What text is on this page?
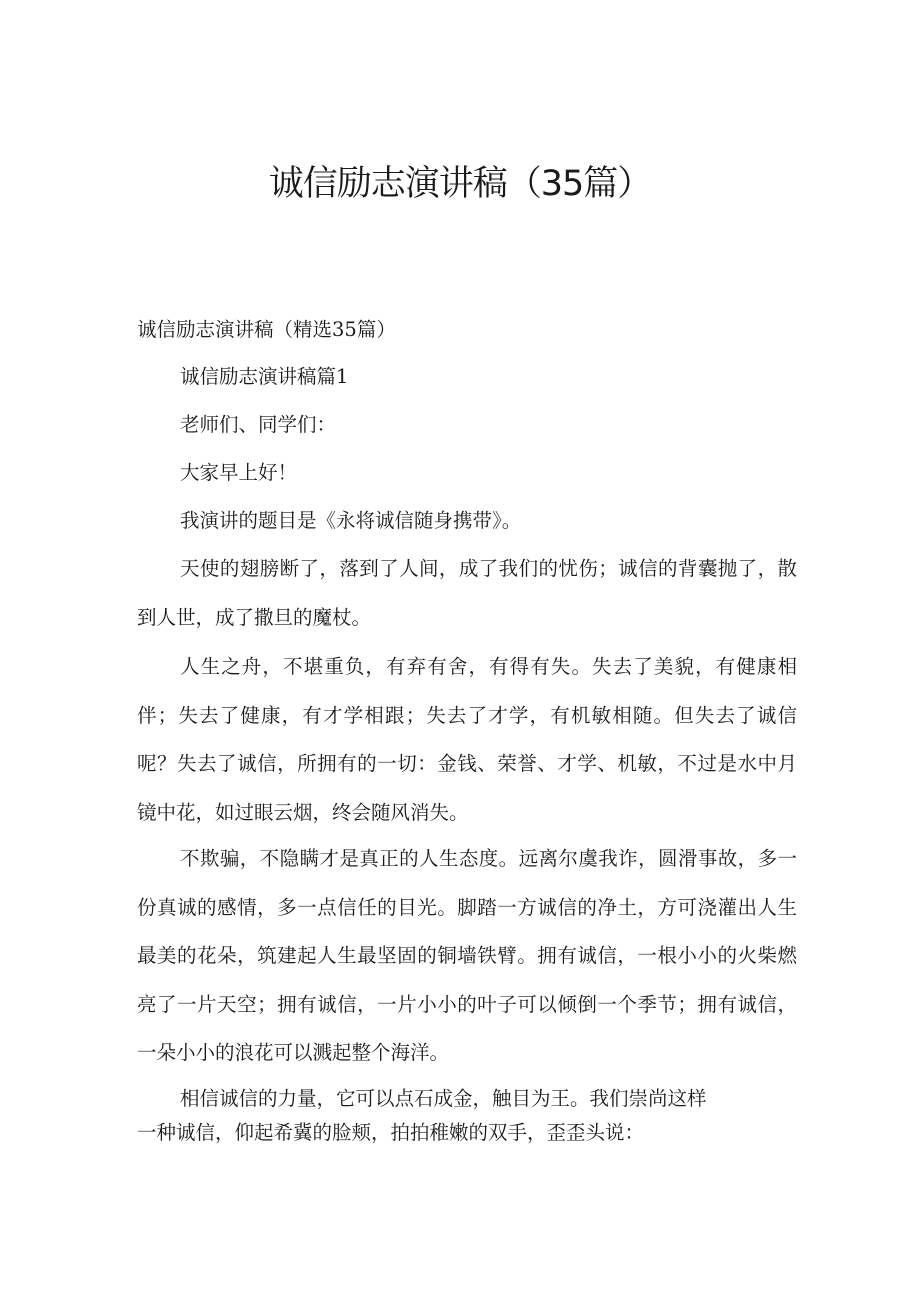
诚信励志演讲稿（35篇）

诚信励志演讲稿（精选35篇）

诚信励志演讲稿篇1

老师们、同学们：

大家早上好！

我演讲的题目是《永将诚信随身携带》。

天使的翅膀断了，落到了人间，成了我们的忧伤；诚信的背囊抛了，散到人世，成了撒旦的魔杖。

人生之舟，不堪重负，有弃有舍，有得有失。失去了美貌，有健康相伴；失去了健康，有才学相跟；失去了才学，有机敏相随。但失去了诚信呢？失去了诚信，所拥有的一切：金钱、荣誉、才学、机敏，不过是水中月镜中花，如过眼云烟，终会随风消失。

不欺骗，不隐瞒才是真正的人生态度。远离尔虞我诈，圆滑事故，多一份真诚的感情，多一点信任的目光。脚踏一方诚信的净土，方可浇灌出人生最美的花朵，筑建起人生最坚固的铜墙铁臂。拥有诚信，一根小小的火柴燃亮了一片天空；拥有诚信，一片小小的叶子可以倾倒一个季节；拥有诚信，一朵小小的浪花可以溅起整个海洋。

相信诚信的力量，它可以点石成金，触目为王。我们崇尚这样
一种诚信，仰起希冀的脸颊，拍拍稚嫩的双手，歪歪头说：
